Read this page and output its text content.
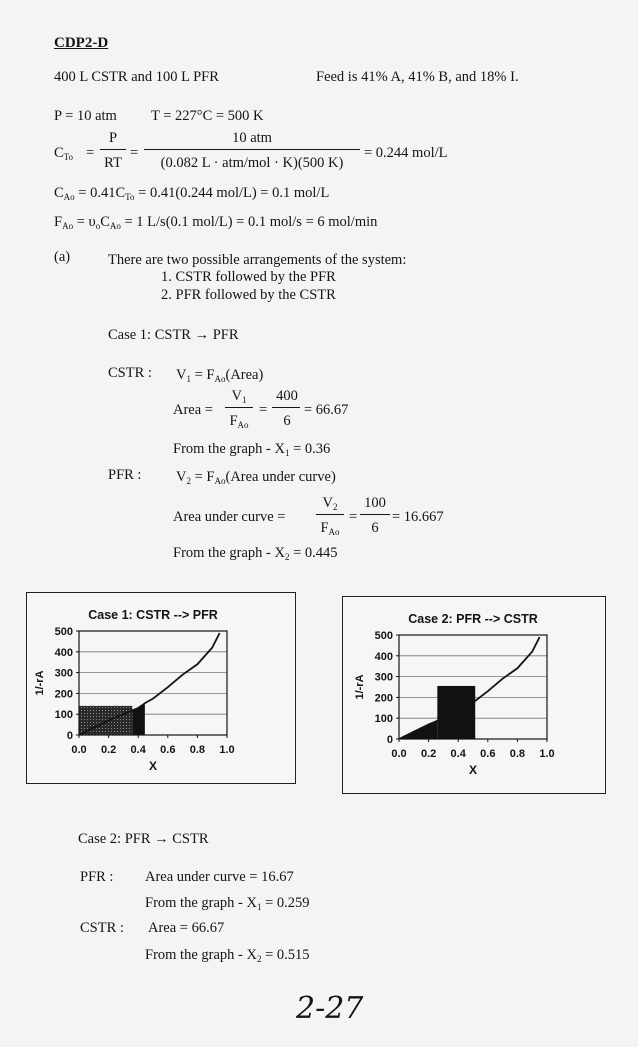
CDP2-D
400 L CSTR and 100 L PFR	Feed is 41% A, 41% B, and 18% I.
P = 10 atm T = 227°C = 500 K
$C_{To}$ =
P
RT
=
10 atm
(0.082 L · atm/mol · K)(500 K)
= 0.244 mol/L
$C_{Ao} = 0.41C_{To} = 0.41(0.244$ mol/L) = 0.1 mol/L
$F_{Ao} = \upsilon_oC_{Ao} = 1$ L/s(0.1 mol/L) = 0.1 mol/s = 6 mol/min
(a)	There are two possible arrangements of the system:
1. CSTR followed by the PFR
2. PFR followed by the CSTR
Case 1: CSTR → PFR
CSTR : $V_1$ = $F_{Ao}(Area)$
Area =
$V_1$
$F_{Ao}$
=
400
6
= 66.67
From the graph - $X_1 = 0.36$
PFR : $V_2$ = $F_{Ao}(Area$ under curve)
Area under curve =
$V_2$
$F_{Ao}$
=
100
6
= 16.667
From the graph - $X_2 = 0.445$
Case 1: CSTR --> PFR
0
100
200
300
400
500
0.0 0.2 0.4 0.6 0.8 1.0
X
1/-rA
Case 2: PFR --> CSTR
0
100
200
300
400
500
0.0 0.2 0.4 0.6 0.8 1.0
X
1/-rA
Case 2: PFR → CSTR
PFR : Area under curve = 16.67
From the graph - $X_1 = 0.259$
CSTR : Area = 66.67
From the graph - $X_2 = 0.515$
2-27
